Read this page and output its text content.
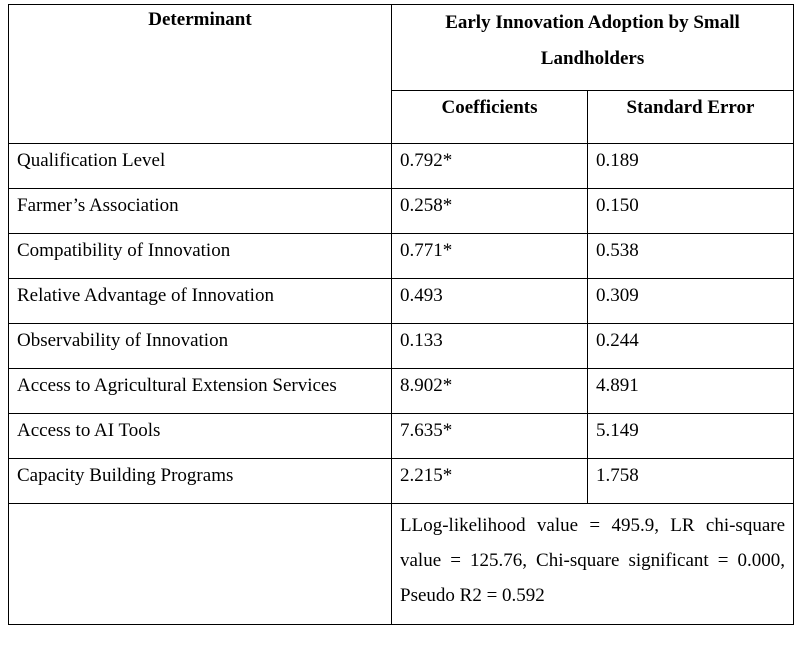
Determinant	Early Innovation Adoption by Small Landholders	
	Coefficients	Standard Error
Qualification Level	0.792*	0.189
Farmer’s Association	0.258*	0.150
Compatibility of Innovation	0.771*	0.538
Relative Advantage of Innovation	0.493	0.309
Observability of Innovation	0.133	0.244
Access to Agricultural Extension Services	8.902*	4.891
Access to AI Tools	7.635*	5.149
Capacity Building Programs	2.215*	1.758
	LLog-likelihood value = 495.9, LR chi-square value = 125.76, Chi-square significant = 0.000, Pseudo R2 = 0.592	
